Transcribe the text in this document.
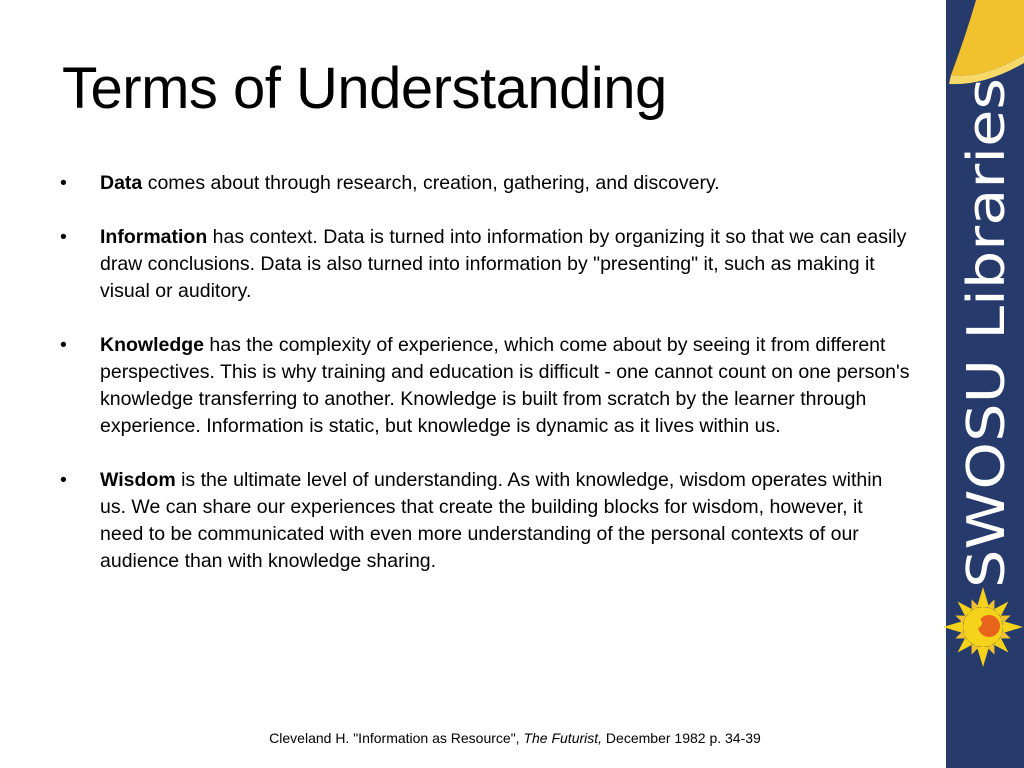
Terms of Understanding
• Data comes about through research, creation, gathering, and discovery.
• Information has context. Data is turned into information by organizing it so that we can easily draw conclusions. Data is also turned into information by "presenting" it, such as making it visual or auditory.
• Knowledge has the complexity of experience, which come about by seeing it from different perspectives. This is why training and education is difficult - one cannot count on one person's knowledge transferring to another. Knowledge is built from scratch by the learner through experience. Information is static, but knowledge is dynamic as it lives within us.
• Wisdom is the ultimate level of understanding. As with knowledge, wisdom operates within us. We can share our experiences that create the building blocks for wisdom, however, it need to be communicated with even more understanding of the personal contexts of our audience than with knowledge sharing.
Cleveland H. "Information as Resource", The Futurist, December 1982 p. 34-39
SWOSU Libraries
